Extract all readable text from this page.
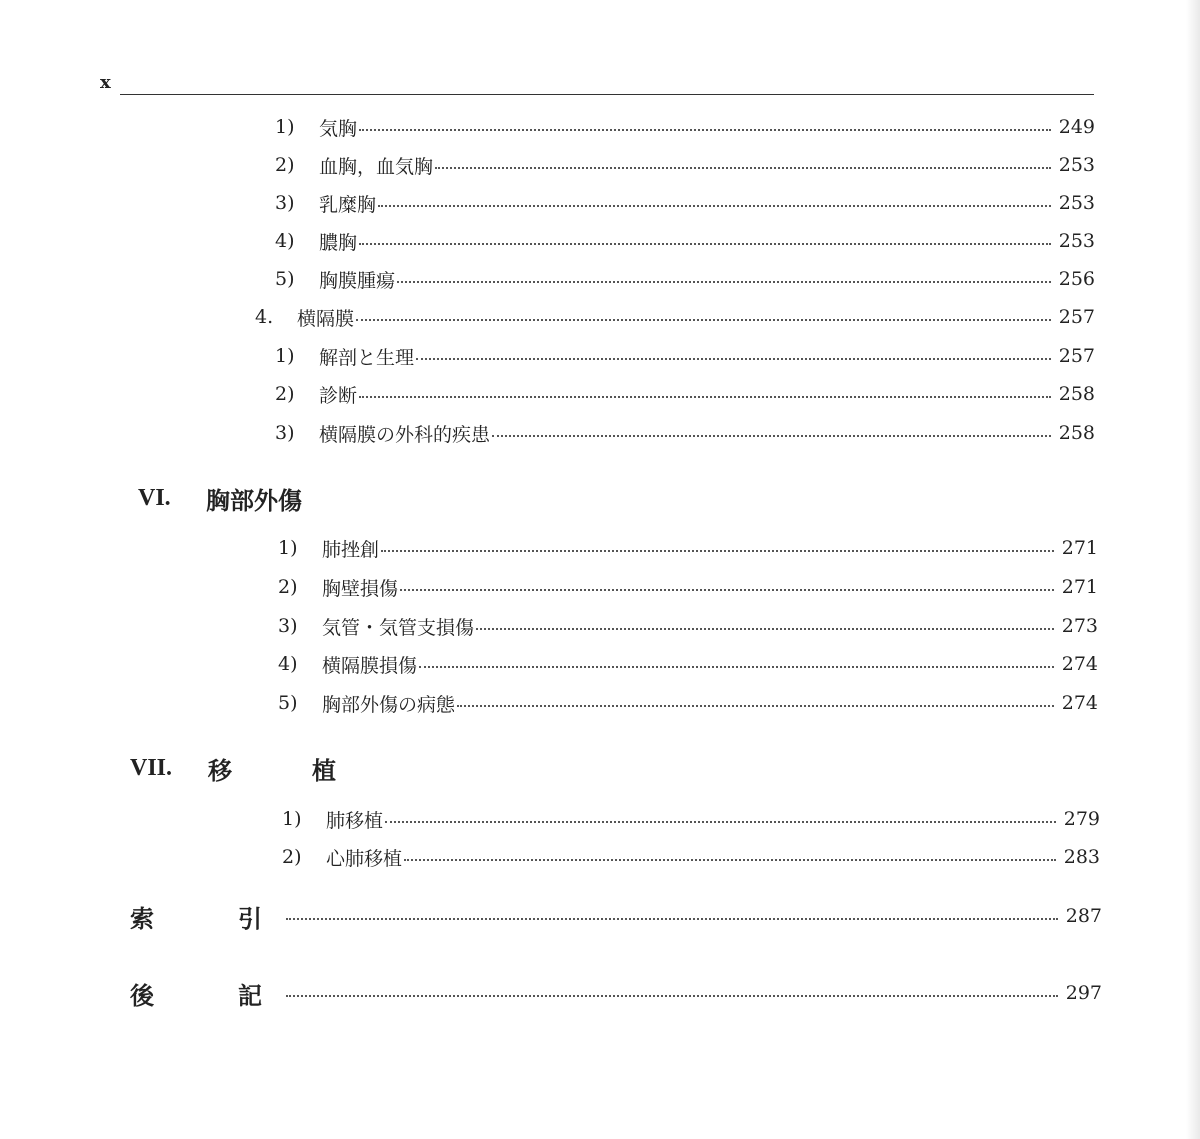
x
1)	気胸	249
2)	血胸，血気胸	253
3)	乳糜胸	253
4)	膿胸	253
5)	胸膜腫瘍	256
4.	横隔膜	257
1)	解剖と生理	257
2)	診断	258
3)	横隔膜の外科的疾患	258
VI.	胸部外傷
1)	肺挫創	271
2)	胸壁損傷	271
3)	気管・気管支損傷	273
4)	横隔膜損傷	274
5)	胸部外傷の病態	274
VII.	移	植
1)	肺移植	279
2)	心肺移植	283
索	引	287
後	記	297
